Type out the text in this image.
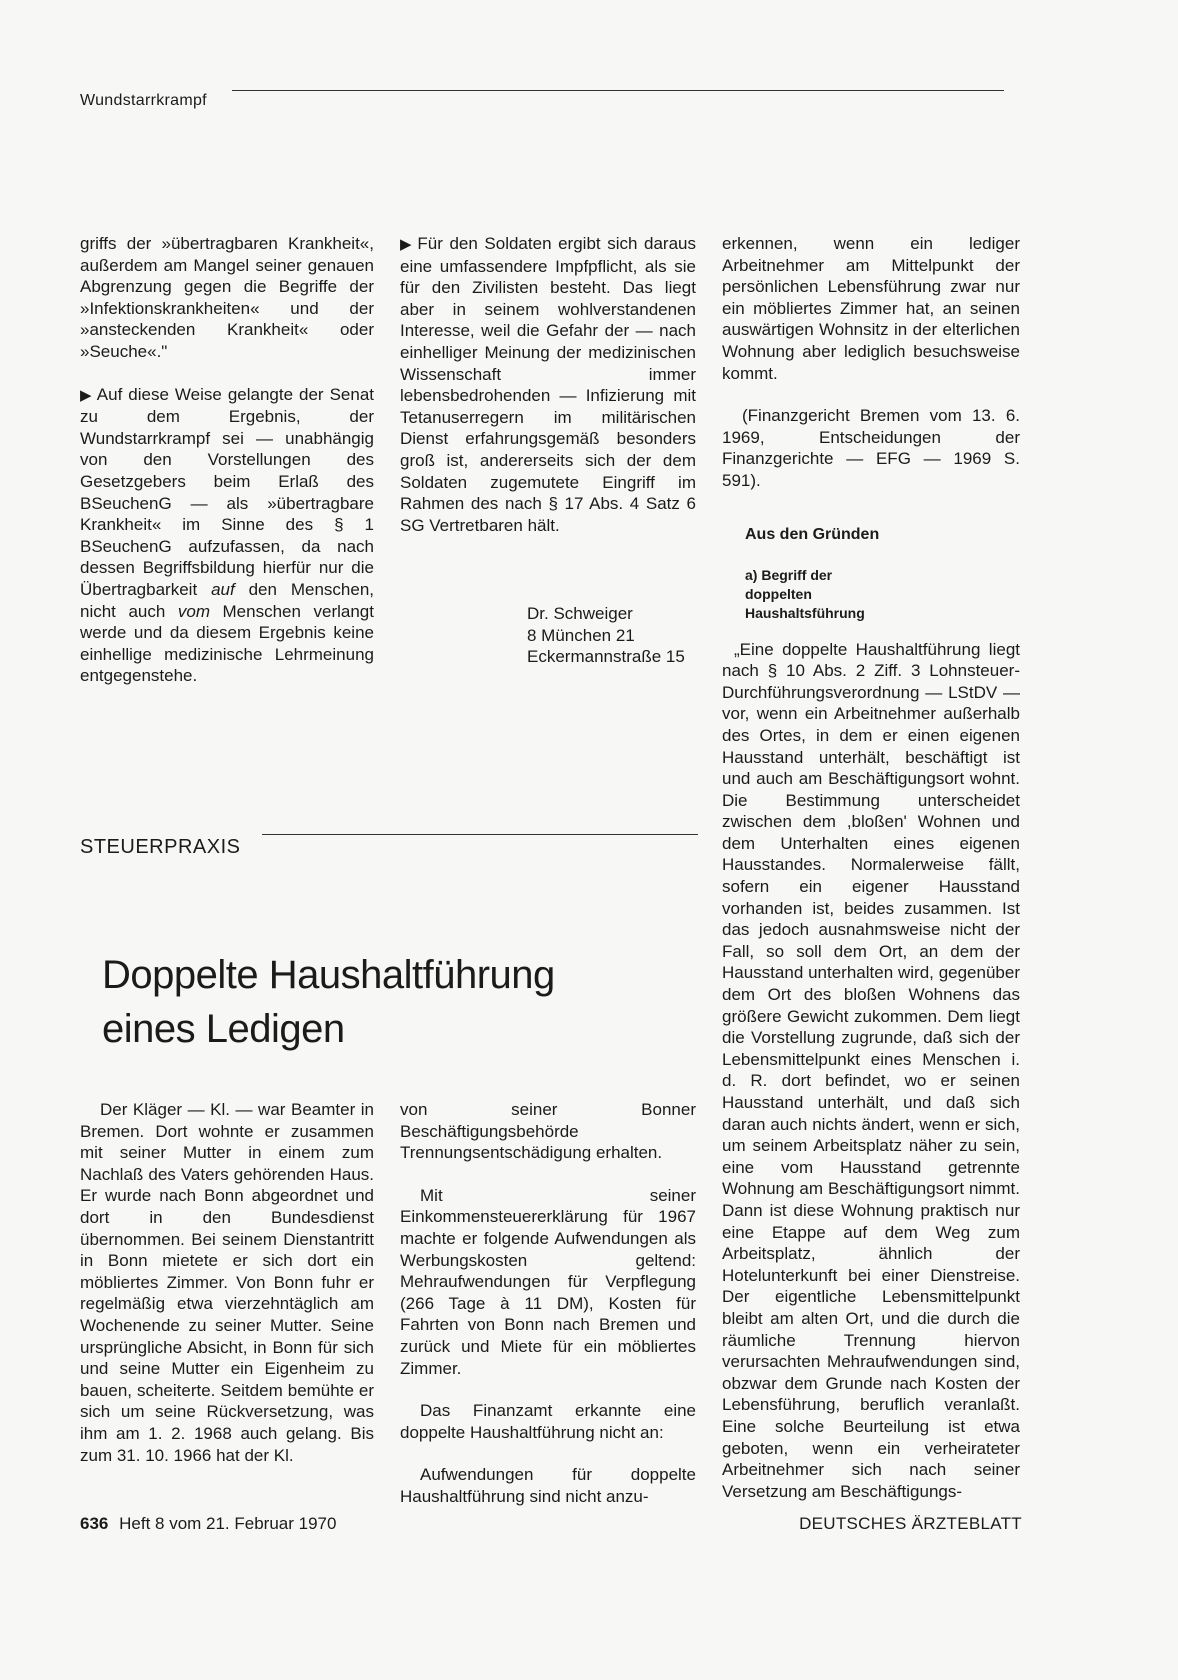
Wundstarrkrampf

griffs der »übertragbaren Krankheit«, außerdem am Mangel seiner genauen Abgrenzung gegen die Begriffe der »Infektionskrankheiten« und der »ansteckenden Krankheit« oder »Seuche«."

▶ Auf diese Weise gelangte der Senat zu dem Ergebnis, der Wundstarrkrampf sei — unabhängig von den Vorstellungen des Gesetzgebers beim Erlaß des BSeuchenG — als »übertragbare Krankheit« im Sinne des § 1 BSeuchenG aufzufassen, da nach dessen Begriffsbildung hierfür nur die Übertragbarkeit auf den Menschen, nicht auch vom Menschen verlangt werde und da diesem Ergebnis keine einhellige medizinische Lehrmeinung entgegenstehe.

▶ Für den Soldaten ergibt sich daraus eine umfassendere Impfpflicht, als sie für den Zivilisten besteht. Das liegt aber in seinem wohlverstandenen Interesse, weil die Gefahr der — nach einhelliger Meinung der medizinischen Wissenschaft immer lebensbedrohenden — Infizierung mit Tetanuserregern im militärischen Dienst erfahrungsgemäß besonders groß ist, andererseits sich der dem Soldaten zugemutete Eingriff im Rahmen des nach § 17 Abs. 4 Satz 6 SG Vertretbaren hält.

Dr. Schweiger
8 München 21
Eckermannstraße 15
STEUERPRAXIS
Doppelte Haushaltführung
eines Ledigen

Der Kläger — Kl. — war Beamter in Bremen. Dort wohnte er zusammen mit seiner Mutter in einem zum Nachlaß des Vaters gehörenden Haus. Er wurde nach Bonn abgeordnet und dort in den Bundesdienst übernommen. Bei seinem Dienstantritt in Bonn mietete er sich dort ein möbliertes Zimmer. Von Bonn fuhr er regelmäßig etwa vierzehntäglich am Wochenende zu seiner Mutter. Seine ursprüngliche Absicht, in Bonn für sich und seine Mutter ein Eigenheim zu bauen, scheiterte. Seitdem bemühte er sich um seine Rückversetzung, was ihm am 1. 2. 1968 auch gelang. Bis zum 31. 10. 1966 hat der Kl.

von seiner Bonner Beschäftigungsbehörde Trennungsentschädigung erhalten.

Mit seiner Einkommensteuererklärung für 1967 machte er folgende Aufwendungen als Werbungskosten geltend: Mehraufwendungen für Verpflegung (266 Tage à 11 DM), Kosten für Fahrten von Bonn nach Bremen und zurück und Miete für ein möbliertes Zimmer.

Das Finanzamt erkannte eine doppelte Haushaltführung nicht an:

Aufwendungen für doppelte Haushaltführung sind nicht anzu-

erkennen, wenn ein lediger Arbeitnehmer am Mittelpunkt der persönlichen Lebensführung zwar nur ein möbliertes Zimmer hat, an seinen auswärtigen Wohnsitz in der elterlichen Wohnung aber lediglich besuchsweise kommt.

(Finanzgericht Bremen vom 13. 6. 1969, Entscheidungen der Finanzgerichte — EFG — 1969 S. 591).

Aus den Gründen
a) Begriff der doppelten Haushaltsführung

„Eine doppelte Haushaltführung liegt nach § 10 Abs. 2 Ziff. 3 Lohnsteuer-Durchführungsverordnung — LStDV — vor, wenn ein Arbeitnehmer außerhalb des Ortes, in dem er einen eigenen Hausstand unterhält, beschäftigt ist und auch am Beschäftigungsort wohnt. Die Bestimmung unterscheidet zwischen dem ,bloßen' Wohnen und dem Unterhalten eines eigenen Hausstandes. Normalerweise fällt, sofern ein eigener Hausstand vorhanden ist, beides zusammen. Ist das jedoch ausnahmsweise nicht der Fall, so soll dem Ort, an dem der Hausstand unterhalten wird, gegenüber dem Ort des bloßen Wohnens das größere Gewicht zukommen. Dem liegt die Vorstellung zugrunde, daß sich der Lebensmittelpunkt eines Menschen i. d. R. dort befindet, wo er seinen Hausstand unterhält, und daß sich daran auch nichts ändert, wenn er sich, um seinem Arbeitsplatz näher zu sein, eine vom Hausstand getrennte Wohnung am Beschäftigungsort nimmt. Dann ist diese Wohnung praktisch nur eine Etappe auf dem Weg zum Arbeitsplatz, ähnlich der Hotelunterkunft bei einer Dienstreise. Der eigentliche Lebensmittelpunkt bleibt am alten Ort, und die durch die räumliche Trennung hiervon verursachten Mehraufwendungen sind, obzwar dem Grunde nach Kosten der Lebensführung, beruflich veranlaßt. Eine solche Beurteilung ist etwa geboten, wenn ein verheirateter Arbeitnehmer sich nach seiner Versetzung am Beschäftigungs-

636 Heft 8 vom 21. Februar 1970	DEUTSCHES ÄRZTEBLATT
